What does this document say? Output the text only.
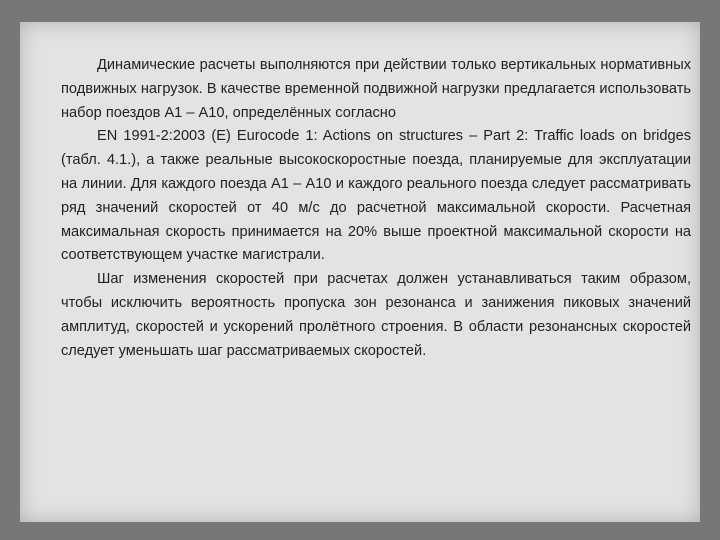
Динамические расчеты выполняются при действии только вертикальных нормативных подвижных нагрузок. В качестве временной подвижной нагрузки предлагается использовать набор поездов А1 – А10, определённых согласно

EN 1991-2:2003 (E) Eurocode 1: Actions on structures – Part 2: Traffic loads on bridges (табл. 4.1.), а также реальные высокоскоростные поезда, планируемые для эксплуатации на линии. Для каждого поезда А1 – А10 и каждого реального поезда следует рассматривать ряд значений скоростей от 40 м/с до расчетной максимальной скорости. Расчетная максимальная скорость принимается на 20% выше проектной максимальной скорости на соответствующем участке магистрали.

Шаг изменения скоростей при расчетах должен устанавливаться таким образом, чтобы исключить вероятность пропуска зон резонанса и занижения пиковых значений амплитуд, скоростей и ускорений пролётного строения. В области резонансных скоростей следует уменьшать шаг рассматриваемых скоростей.
